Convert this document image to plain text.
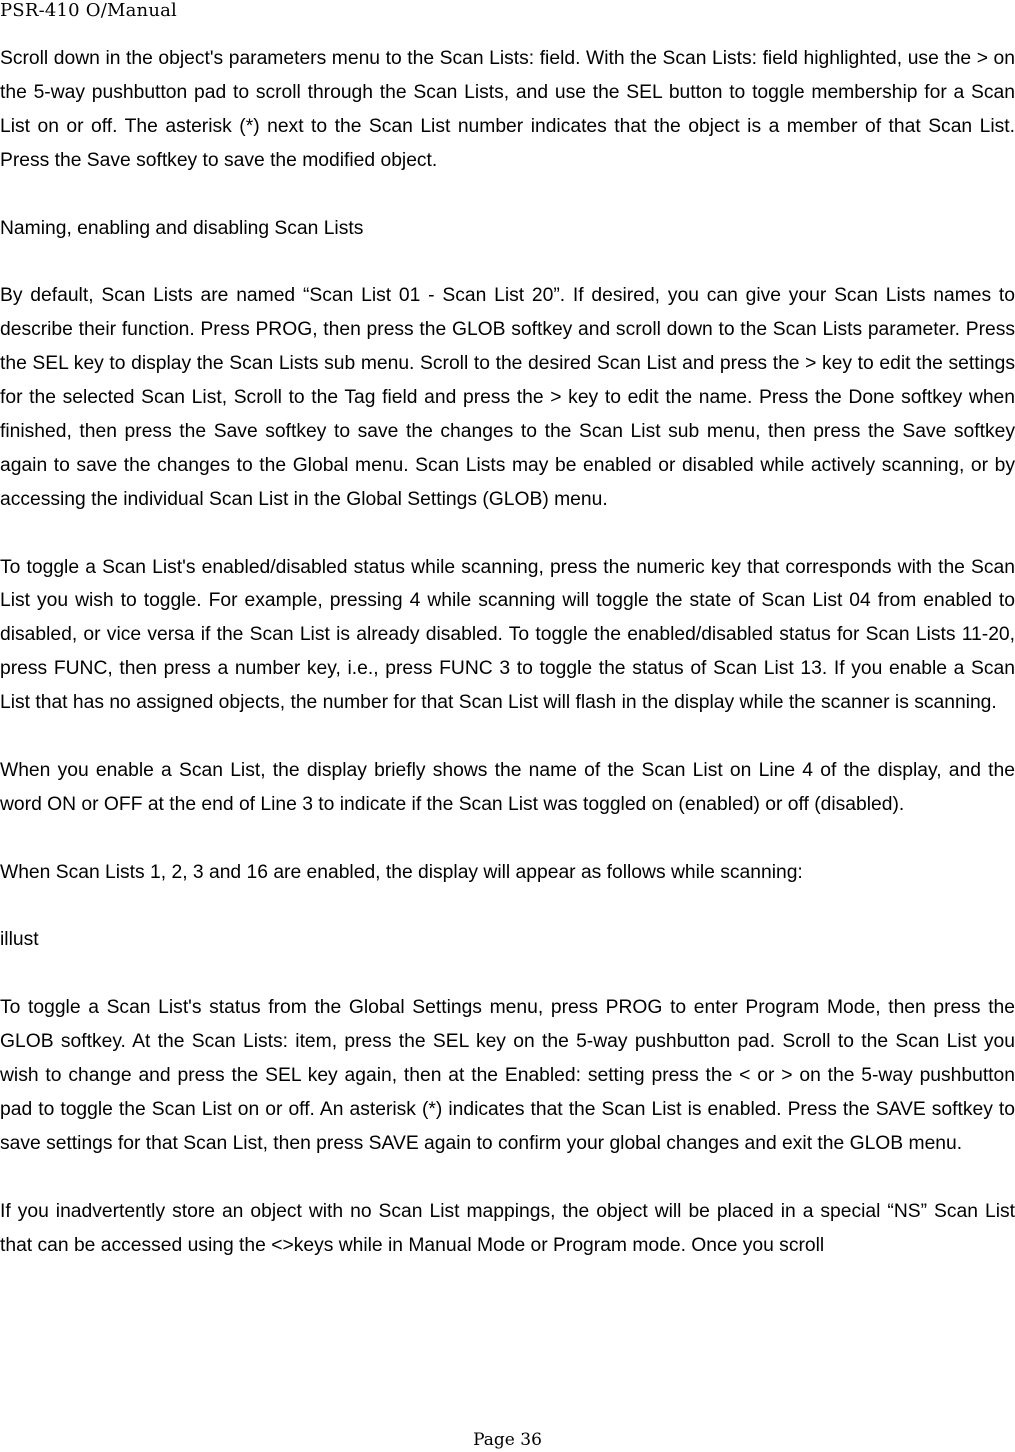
PSR-410 O/Manual

Scroll down in the object's parameters menu to the Scan Lists: field. With the Scan Lists: field highlighted, use the > on the 5-way pushbutton pad to scroll through the Scan Lists, and use the SEL button to toggle membership for a Scan List on or off. The asterisk (*) next to the Scan List number indicates that the object is a member of that Scan List. Press the Save softkey to save the modified object.

Naming, enabling and disabling Scan Lists

By default, Scan Lists are named “Scan List 01 - Scan List 20”. If desired, you can give your Scan Lists names to describe their function. Press PROG, then press the GLOB softkey and scroll down to the Scan Lists parameter. Press the SEL key to display the Scan Lists sub menu. Scroll to the desired Scan List and press the > key to edit the settings for the selected Scan List, Scroll to the Tag field and press the > key to edit the name. Press the Done softkey when finished, then press the Save softkey to save the changes to the Scan List sub menu, then press the Save softkey again to save the changes to the Global menu. Scan Lists may be enabled or disabled while actively scanning, or by accessing the individual Scan List in the Global Settings (GLOB) menu.

To toggle a Scan List's enabled/disabled status while scanning, press the numeric key that corresponds with the Scan List you wish to toggle. For example, pressing 4 while scanning will toggle the state of Scan List 04 from enabled to disabled, or vice versa if the Scan List is already disabled. To toggle the enabled/disabled status for Scan Lists 11-20, press FUNC, then press a number key, i.e., press FUNC 3 to toggle the status of Scan List 13. If you enable a Scan List that has no assigned objects, the number for that Scan List will flash in the display while the scanner is scanning.

When you enable a Scan List, the display briefly shows the name of the Scan List on Line 4 of the display, and the word ON or OFF at the end of Line 3 to indicate if the Scan List was toggled on (enabled) or off (disabled).

When Scan Lists 1, 2, 3 and 16 are enabled, the display will appear as follows while scanning:

illust

To toggle a Scan List's status from the Global Settings menu, press PROG to enter Program Mode, then press the GLOB softkey. At the Scan Lists: item, press the SEL key on the 5-way pushbutton pad. Scroll to the Scan List you wish to change and press the SEL key again, then at the Enabled: setting press the < or > on the 5-way pushbutton pad to toggle the Scan List on or off. An asterisk (*) indicates that the Scan List is enabled. Press the SAVE softkey to save settings for that Scan List, then press SAVE again to confirm your global changes and exit the GLOB menu.

If you inadvertently store an object with no Scan List mappings, the object will be placed in a special “NS” Scan List that can be accessed using the <>keys while in Manual Mode or Program mode. Once you scroll

Page 36
